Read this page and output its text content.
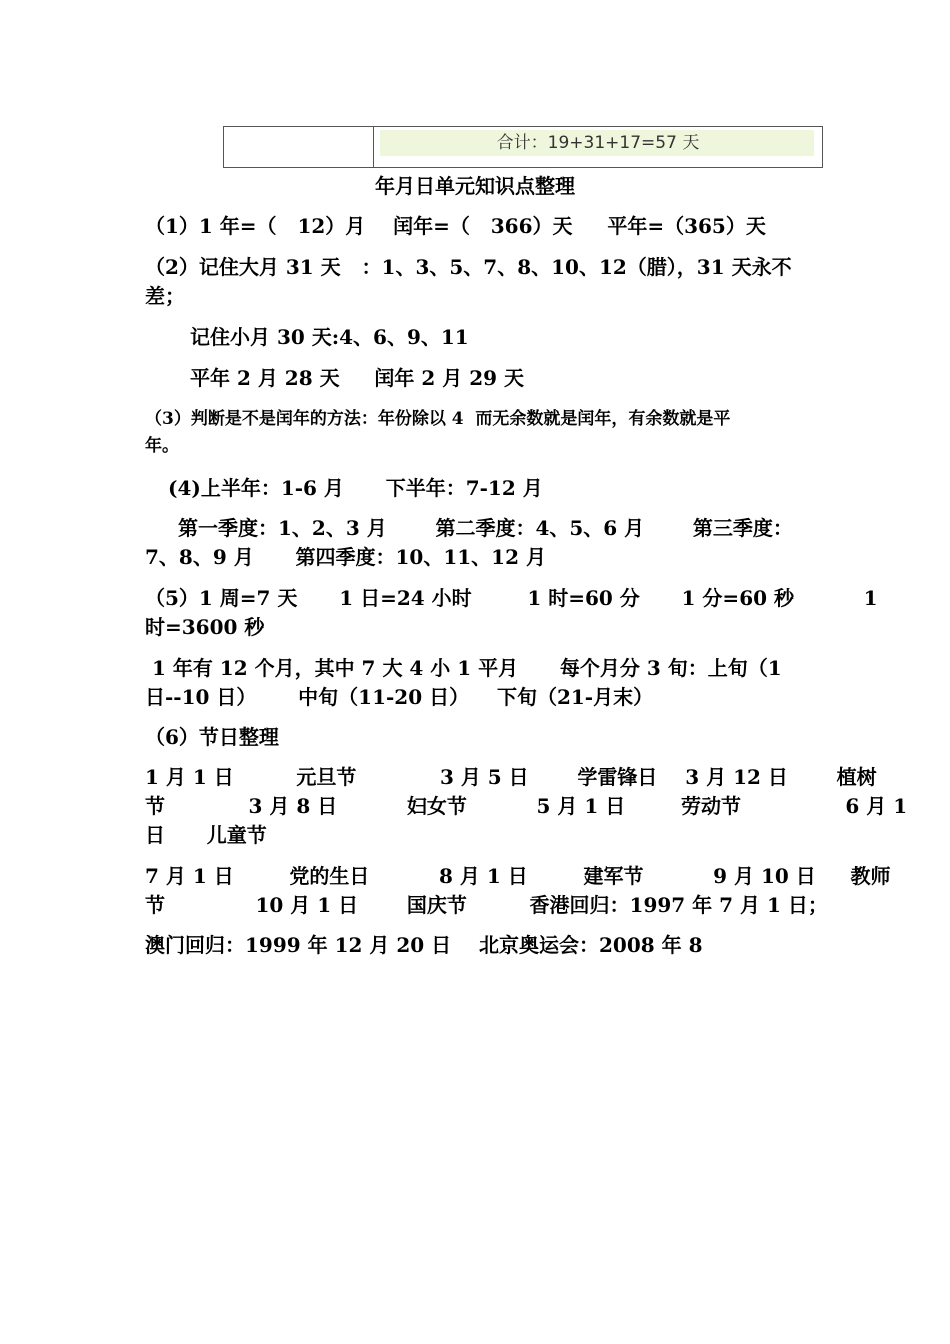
合计：19+31+17=57 天
年月日单元知识点整理
（1）1 年=（   12）月    闰年=（   366）天     平年=（365）天
（2）记住大月 31 天   ：1、3、5、7、8、10、12（腊），31 天永不
差；
记住小月 30 天:4、6、9、11
平年 2 月 28 天     闰年 2 月 29 天
（3）判断是不是闰年的方法：年份除以 4  而无余数就是闰年，有余数就是平
年。
(4)上半年：1-6 月      下半年：7-12 月
第一季度：1、2、3 月       第二季度：4、5、6 月       第三季度：
7、8、9 月      第四季度：10、11、12 月
（5）1 周=7 天      1 日=24 小时        1 时=60 分      1 分=60 秒          1
时=3600 秒
1 年有 12 个月，其中 7 大 4 小 1 平月      每个月分 3 旬：上旬（1
日--10 日）      中旬（11-20 日）    下旬（21-月末）
（6）节日整理
1 月 1 日         元旦节            3 月 5 日       学雷锋日    3 月 12 日       植树
节            3 月 8 日          妇女节          5 月 1 日        劳动节               6 月 1
日      儿童节
7 月 1 日        党的生日          8 月 1 日        建军节          9 月 10 日     教师
节             10 月 1 日       国庆节         香港回归：1997 年 7 月 1 日；
澳门回归：1999 年 12 月 20 日    北京奥运会：2008 年 8
